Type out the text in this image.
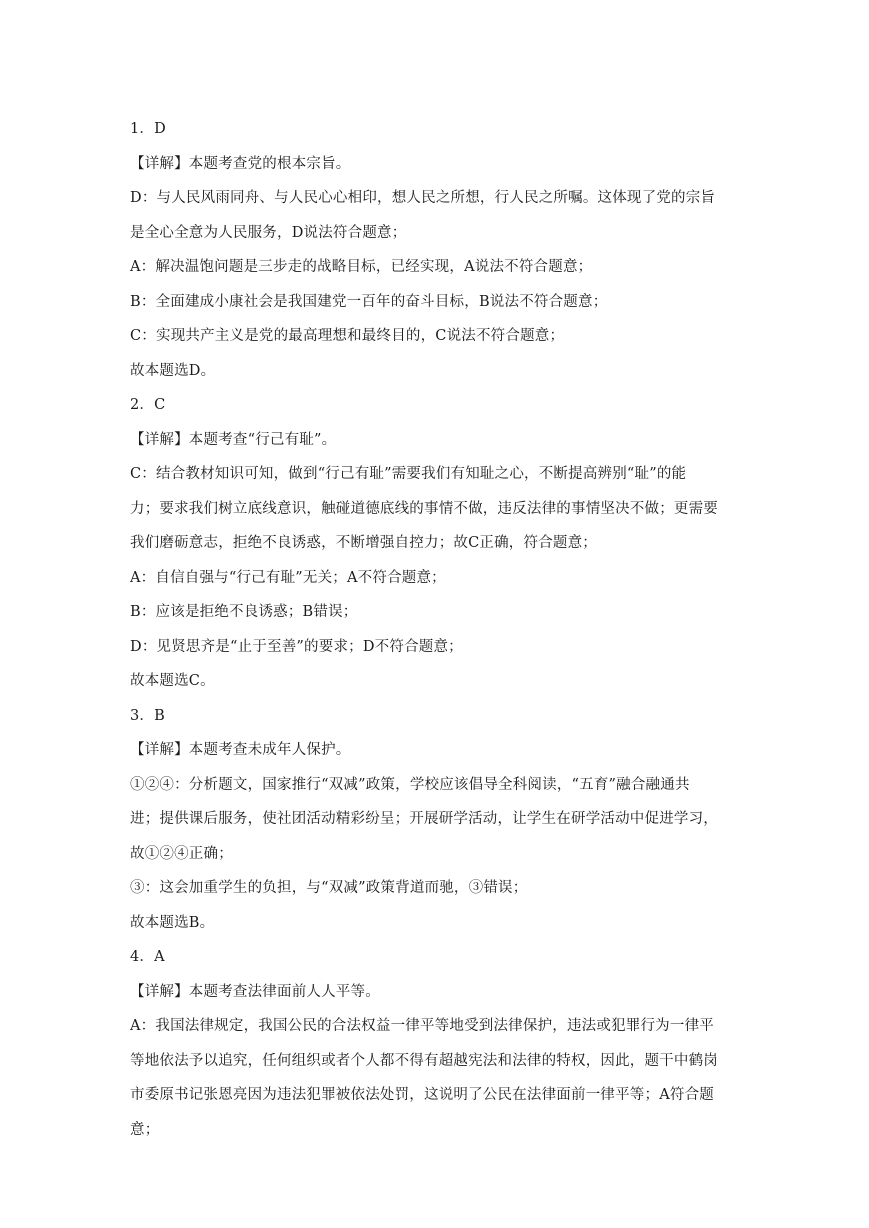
1．D
【详解】本题考查党的根本宗旨。
D：与人民风雨同舟、与人民心心相印，想人民之所想，行人民之所嘱。这体现了党的宗旨
是全心全意为人民服务，D说法符合题意；
A：解决温饱问题是三步走的战略目标，已经实现，A说法不符合题意；
B：全面建成小康社会是我国建党一百年的奋斗目标，B说法不符合题意；
C：实现共产主义是党的最高理想和最终目的，C说法不符合题意；
故本题选D。
2．C
【详解】本题考查“行己有耻”。
C：结合教材知识可知，做到“行己有耻”需要我们有知耻之心，不断提高辨别“耻”的能
力；要求我们树立底线意识，触碰道德底线的事情不做，违反法律的事情坚决不做；更需要
我们磨砺意志，拒绝不良诱惑，不断增强自控力；故C正确，符合题意；
A：自信自强与“行己有耻”无关；A不符合题意；
B：应该是拒绝不良诱惑；B错误；
D：见贤思齐是“止于至善”的要求；D不符合题意；
故本题选C。
3．B
【详解】本题考查未成年人保护。
①②④：分析题文，国家推行“双减”政策，学校应该倡导全科阅读，“五育”融合融通共
进；提供课后服务，使社团活动精彩纷呈；开展研学活动，让学生在研学活动中促进学习，
故①②④正确；
③：这会加重学生的负担，与“双减”政策背道而驰，③错误；
故本题选B。
4．A
【详解】本题考查法律面前人人平等。
A：我国法律规定，我国公民的合法权益一律平等地受到法律保护，违法或犯罪行为一律平
等地依法予以追究，任何组织或者个人都不得有超越宪法和法律的特权，因此，题干中鹤岗
市委原书记张恩亮因为违法犯罪被依法处罚，这说明了公民在法律面前一律平等；A符合题
意；
